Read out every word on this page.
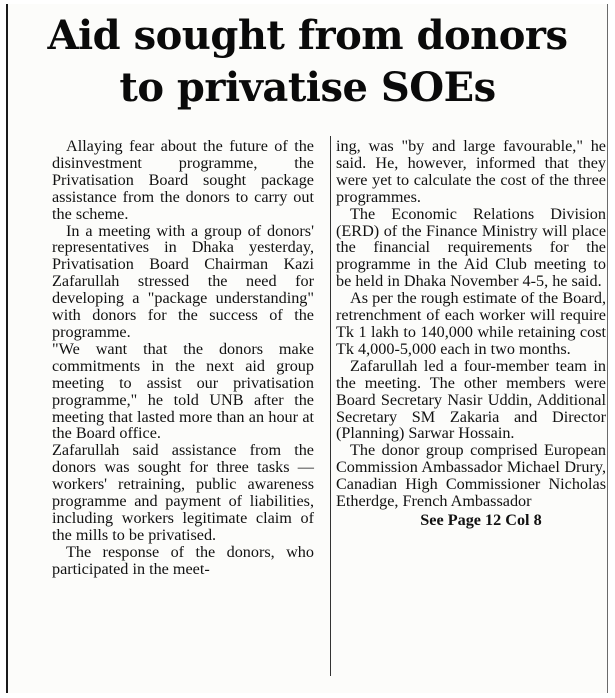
Aid sought from donors
to privatise SOEs

Allaying fear about the future of the disinvestment programme, the Privatisation Board sought package assistance from the donors to carry out the scheme.

In a meeting with a group of donors' representatives in Dhaka yesterday, Privatisation Board Chairman Kazi Zafarullah stressed the need for developing a "package understanding" with donors for the success of the programme.

"We want that the donors make commitments in the next aid group meeting to assist our privatisation programme," he told UNB after the meeting that lasted more than an hour at the Board office.

Zafarullah said assistance from the donors was sought for three tasks — workers' retraining, public awareness programme and payment of liabilities, including workers legitimate claim of the mills to be privatised.

The response of the donors, who participated in the meet-

ing, was "by and large favourable," he said. He, however, informed that they were yet to calculate the cost of the three programmes.

The Economic Relations Division (ERD) of the Finance Ministry will place the financial requirements for the programme in the Aid Club meeting to be held in Dhaka November 4-5, he said.

As per the rough estimate of the Board, retrenchment of each worker will require Tk 1 lakh to 140,000 while retaining cost Tk 4,000-5,000 each in two months.

Zafarullah led a four-member team in the meeting. The other members were Board Secretary Nasir Uddin, Additional Secretary SM Zakaria and Director (Planning) Sarwar Hossain.

The donor group comprised European Commission Ambassador Michael Drury, Canadian High Commissioner Nicholas Etherdge, French Ambassador

See Page 12 Col 8
